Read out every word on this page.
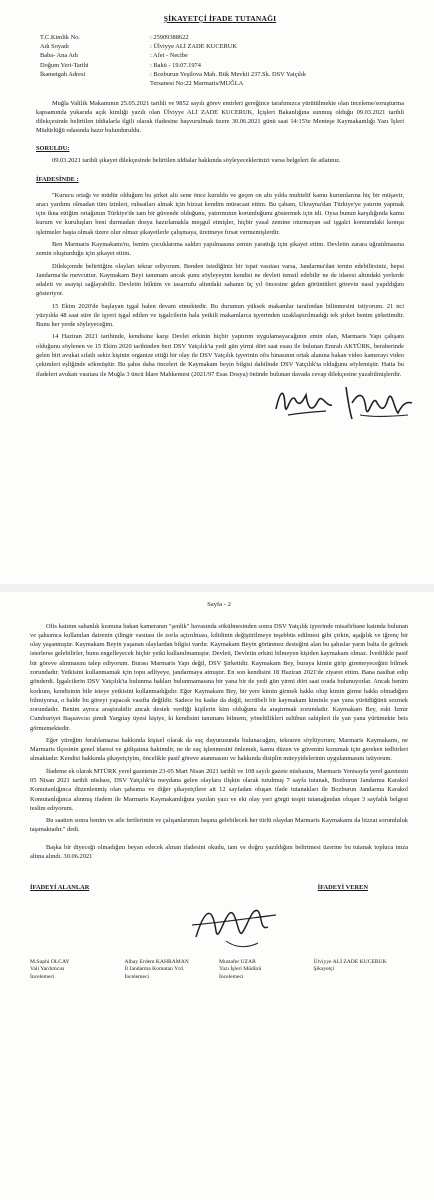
ŞİKAYETÇİ İFADE TUTANAĞI
T.C.Kimlik No.	: 25909388622
Adı Soyadı	: Ülviyye ALİ ZADE KUCERUK
Baba- Ana Adı	: Afet - Necibe
Doğum Yeri-Tarihi	: Bakü - 19.07.1974
İkametgah Adresi	: Bozburun Yeşilova Mah. Bük Mevkii 237.Sk. DSV Yatçılık
Tersanesi No:22 Marmaris/MUĞLA

Muğla Valilik Makamının 25.05.2021 tarihli ve 9852 sayılı görev emirleri gereğince tarafımızca yürütülmekte olan inceleme/soruşturma kapsamında yukarıda açık kimliği yazılı olan Ülviyye ALİ ZADE KUCERUK, İçişleri Bakanlığına sunmuş olduğu 09.03.2021 tarihli dilekçesinde belirtilen iddialarla ilgili olarak ifadesine başvurulmak üzere 30.06.2021 günü saat 14:15'te Menteşe Kaymakamlığı Yazı İşleri Müdürlüğü odasında hazır bulunduruldu.

SORULDU:

09.03.2021 tarihli şikayet dilekçesinde belirtilen iddialar hakkında söyleyeceklerinizi varsa belgeleri ile atlatınız.

İFADESİNDE :

"Kurucu ortağı ve müdür olduğum bu şirket altı sene önce kuruldu ve geçen on altı yılda muhtelif kamu kurumlarına hiç bir müşavir, aracı yardımı olmadan tüm izinleri, ruhsatları almak için bizzat kendim müracaat ettim. Bu çabam, Ukrayna'dan Türkiye'ye yatırım yapmak için ikna ettiğim ortağımın Türkiye'de tam bir güvende olduğunu, yatırımının korunduğunu göstermek için idi. Oysa bunun karşılığında kamu kurum ve kuruluşları beni durmadan dosya hazırlamakla meşgul etmişler, hiçbir yasal zemine oturmayan saf işgalci komumdaki komşu işletmeler başta olmak üzere olur olmaz şikayetlerle çalışmaya, üretmeye fırsat vermemişlerdir.

Ben Marmaris Kaymakamı'nı, benim çocuklarıma saldırı yapılmasına zemin yarattığı için şikayet ettim. Devletin zarara uğratılmasına zemin oluşturduğu için şikayet ettim.

Dilekçemde belirttiğim olayları tekrar ediyorum. Benden istediğiniz bir ispat vasıtası varsa, Jandarma'dan temin edebilirsiniz, hepsi Jandarma'da mevcuttur. Kaymakam Beyi tanımam ancak şunu söyleyeyim kendisi ne devleti temsil edebilir ne de idaresi altındaki yerlerde adaleti ve asayişi sağlayabilir. Devletin hüküm ve tasarrufu altındaki sahanın üç yıl öncesine giden görüntüleri görevin nasıl yapıldığını gösteriyor.

15 Ekim 2020'de başlayan işgal halen devam etmektedir. Bu durumun yüksek makamlar tarafından bilinmesini istiyorum. 21 nci yüzyılda 48 saat süre ile işyeri işgal edilen ve işgalcilerin hala yetkili makamlarca işyerinden uzaklaştırılmadığı tek şirket benim şirketimdir. Bunu her yerde söyleyeceğim.

14 Haziran 2021 tarihinde, kendisine karşı Devlet erkinin hiçbir yaptırım uygulamayacağının emin olan, Marmaris Yapı çalışanı olduğunu söylenen ve 15 Ekim 2020 tarihinden beri DSV Yatçılık'ta yedi gün yirmi dört saat esası ile bulunan Emrah AKTÜRK, beraberinde gelen biri avukat sıfatlı sekiz kişinin organize ettiği bir olay ile DSV Yatçılık işyerinin ofis binasının ortak alanına bakan video kamerayı video çekimleri eşliğinde sökmüştür. Bu şahıs daha önceleri de Kaymakam beyin bilgisi dahilinde DSV Yatçılık'ta olduğunu söylemiştir. Hatta bu ifadeleri avukatı vasıtası ile Muğla 3 üncü İdare Mahkemesi (2021/97 Esas Dosya) önünde bulunan davada cevap dilekçesine yazabilmişlerdir.

Sayfa - 2

Ofis katının sahanlık kısmına bakan kameranın "şenlik" havasında sökülmesinden sonra DSV Yatçılık işyerinde misafirhane katında bulunan ve şahsımca kullanılan dairenin çilingir vasıtası ile zorla açtırılması, kilidinin değiştirilmeye teşebbüs edilmesi gibi çirkin, aşağılık ve iğrenç bir olay yaşanmıştır. Kaymakam Beyin yaşanan olaylardan bilgisi vardır. Kaymakam Beyin görünmez desteğini alan bu şahıslar yarın balta ile gelmek isterlerse gelebilirler, bunu engelleyecek hiçbir yetki kullanılmamıştır. Devleti, Devletin erkini bilmeyen kişiden kaymakam olmaz. İvedilikle pasif bir göreve alınmasını talep ediyorum. Burası Marmaris Yapı değil, DSV Şirketidir. Kaymakam Bey, buraya kimin girip giremeyeceğini bilmek zorundadır. Yetkisini kullanmamak için topu adliyeye, jandarmaya atmıştır. En son kendisini 18 Haziran 2021'de ziyaret ettim. Bana nasihat edip gönderdi. İşgalcilerin DSV Yatçılık'ta bulunma hakları bulunmamasına bir yana bir de yedi gün yirmi dört saat orada bulunuyorlar. Ancak benim korkum, kendisinin bile isteye yetkisini kullanmadığıdır. Eğer Kaymakam Bey, bir yere kimin girmek hakkı olup kimin girme hakkı olmadığını bilmiyorsa, o halde bu göreyi yapacak vasıfta değildir. Sadece bu kadar da değil, tecrübeli bir kaymakam kiminle yan yana yürüdüğünü sezmek zorundadır. Benim ayrıca araştırabilir ancak destek verdiği kişilerin kim olduğunu da araştırmak zorundadır. Kaymakam Bey, eski İzmir Cumhuriyet Başsavcısı şimdi Yargıtay üyesi kişiye, ki kendisini tanımam bilmem, yöneltilikleri uslübun sahipleri ile yan yana yürümekte beis görmemektedir.

Eğer yüreğim ferahlamazsa hakkında kişisel olarak da suç duyurusunda bulunacağım, tekraren söylüyorum; Marmaris Kaymakamı, ne Marmaris ilçesinin genel idaresi ve gidişatına hakimdir, ne de suç işlenmesini önlemek, kamu düzen ve güvenini korumak için gereken tedbirleri almaktadır. Kendisi hakkında şikayetçiyim, öncelikle pasif göreve atanmasını ve hakkında disiplin müeyyidelerinin uygulanmasını istiyorum.

İfademe ek olarak MTÜRK yerel gazetenin 23-05 Mart Nisan 2021 tarihli ve 108 sayılı gazete nüshasını, Marmaris Yenisayfa yerel gazetesin 05 Nisan 2021 tarihli nüshası, DSV Yatçılık'ta meydana gelen olaylara ilişkin olarak tutulmuş 7 sayfa tutanak, Bozburun Jandarma Karakol Komutanlığınca düzenlenmiş olan şahsıma ve diğer şikayetçilere ait 12 sayfadan oluşan ifade tutanakları ile Bozburun Jandarma Karakol Komutanlığınca alınmış ifadem ile Marmaris Kaymakamlığına yazılan yazı ve eki olay yeri görgü tespit tutanağından oluşan 3 sayfalık belgesi teslim ediyorum.

Bu saatten sonra benim ve aile fertlerimin ve çalışanlarımın başına gelebilecek her türlü olaydan Marmaris Kaymakamı da bizzat sorumluluk taşımaktadır." dedi.

Başka bir diyeceği olmadığını beyan edecek alınan ifadesini okudu, tam ve doğru yazıldığını belirtmesi üzerine bu tutanak topluca imza altına alındı. 30.06.2021

İFADEYİ ALANLAR	İFADEYİ VEREN
M.Suphi OLCAY
Vali Yardımcısı
İncelemeci
Albay Erdem KAHRAMAN
İl Jandarma Komutan Yrd.
İncelemeci
Mustafer UZAR
Yazı İşleri Müdürü
İncelemeci
Ülviyye ALİ ZADE KUCERUK
Şikayetçi
